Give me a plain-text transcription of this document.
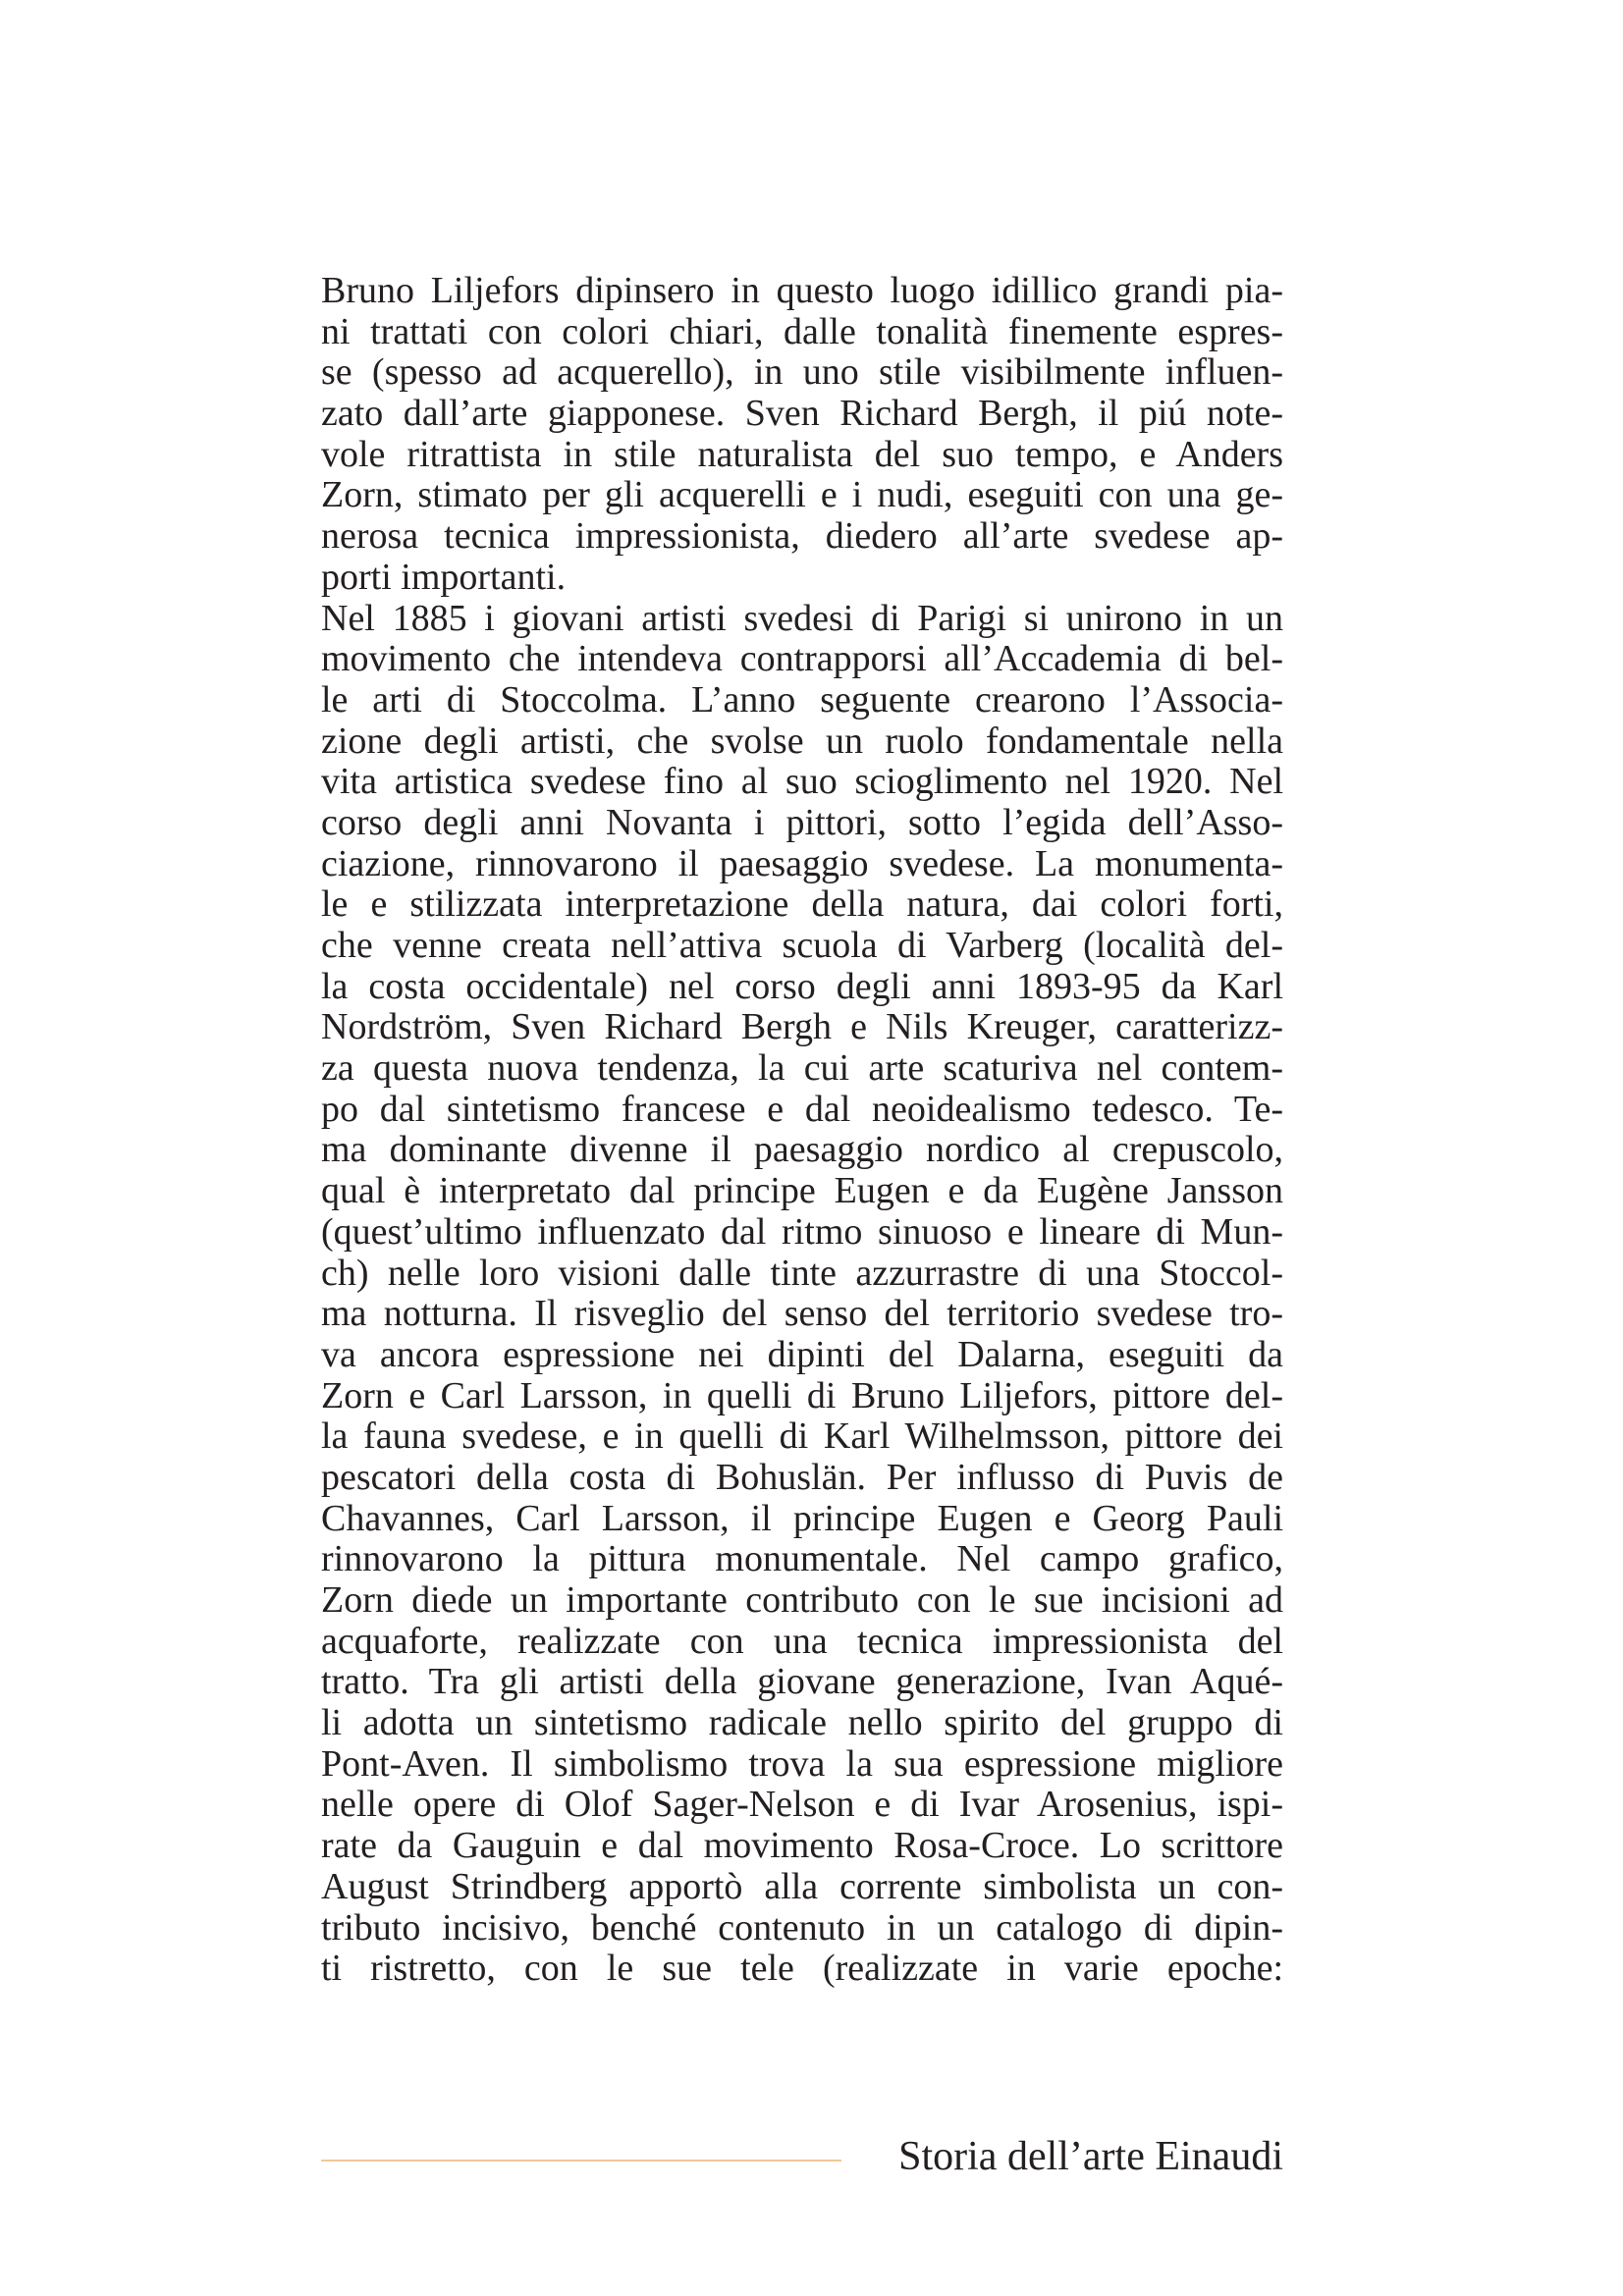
Bruno Liljefors dipinsero in questo luogo idillico grandi pia-
ni trattati con colori chiari, dalle tonalità finemente espres-
se (spesso ad acquerello), in uno stile visibilmente influen-
zato dall’arte giapponese. Sven Richard Bergh, il piú note-
vole ritrattista in stile naturalista del suo tempo, e Anders
Zorn, stimato per gli acquerelli e i nudi, eseguiti con una ge-
nerosa tecnica impressionista, diedero all’arte svedese ap-
porti importanti.
Nel 1885 i giovani artisti svedesi di Parigi si unirono in un
movimento che intendeva contrapporsi all’Accademia di bel-
le arti di Stoccolma. L’anno seguente crearono l’Associa-
zione degli artisti, che svolse un ruolo fondamentale nella
vita artistica svedese fino al suo scioglimento nel 1920. Nel
corso degli anni Novanta i pittori, sotto l’egida dell’Asso-
ciazione, rinnovarono il paesaggio svedese. La monumenta-
le e stilizzata interpretazione della natura, dai colori forti,
che venne creata nell’attiva scuola di Varberg (località del-
la costa occidentale) nel corso degli anni 1893-95 da Karl
Nordström, Sven Richard Bergh e Nils Kreuger, caratterizz-
za questa nuova tendenza, la cui arte scaturiva nel contem-
po dal sintetismo francese e dal neoidealismo tedesco. Te-
ma dominante divenne il paesaggio nordico al crepuscolo,
qual è interpretato dal principe Eugen e da Eugène Jansson
(quest’ultimo influenzato dal ritmo sinuoso e lineare di Mun-
ch) nelle loro visioni dalle tinte azzurrastre di una Stoccol-
ma notturna. Il risveglio del senso del territorio svedese tro-
va ancora espressione nei dipinti del Dalarna, eseguiti da
Zorn e Carl Larsson, in quelli di Bruno Liljefors, pittore del-
la fauna svedese, e in quelli di Karl Wilhelmsson, pittore dei
pescatori della costa di Bohuslän. Per influsso di Puvis de
Chavannes, Carl Larsson, il principe Eugen e Georg Pauli
rinnovarono la pittura monumentale. Nel campo grafico,
Zorn diede un importante contributo con le sue incisioni ad
acquaforte, realizzate con una tecnica impressionista del
tratto. Tra gli artisti della giovane generazione, Ivan Aqué-
li adotta un sintetismo radicale nello spirito del gruppo di
Pont-Aven. Il simbolismo trova la sua espressione migliore
nelle opere di Olof Sager-Nelson e di Ivar Arosenius, ispi-
rate da Gauguin e dal movimento Rosa-Croce. Lo scrittore
August Strindberg apportò alla corrente simbolista un con-
tributo incisivo, benché contenuto in un catalogo di dipin-
ti ristretto, con le sue tele (realizzate in varie epoche:
Storia dell’arte Einaudi
